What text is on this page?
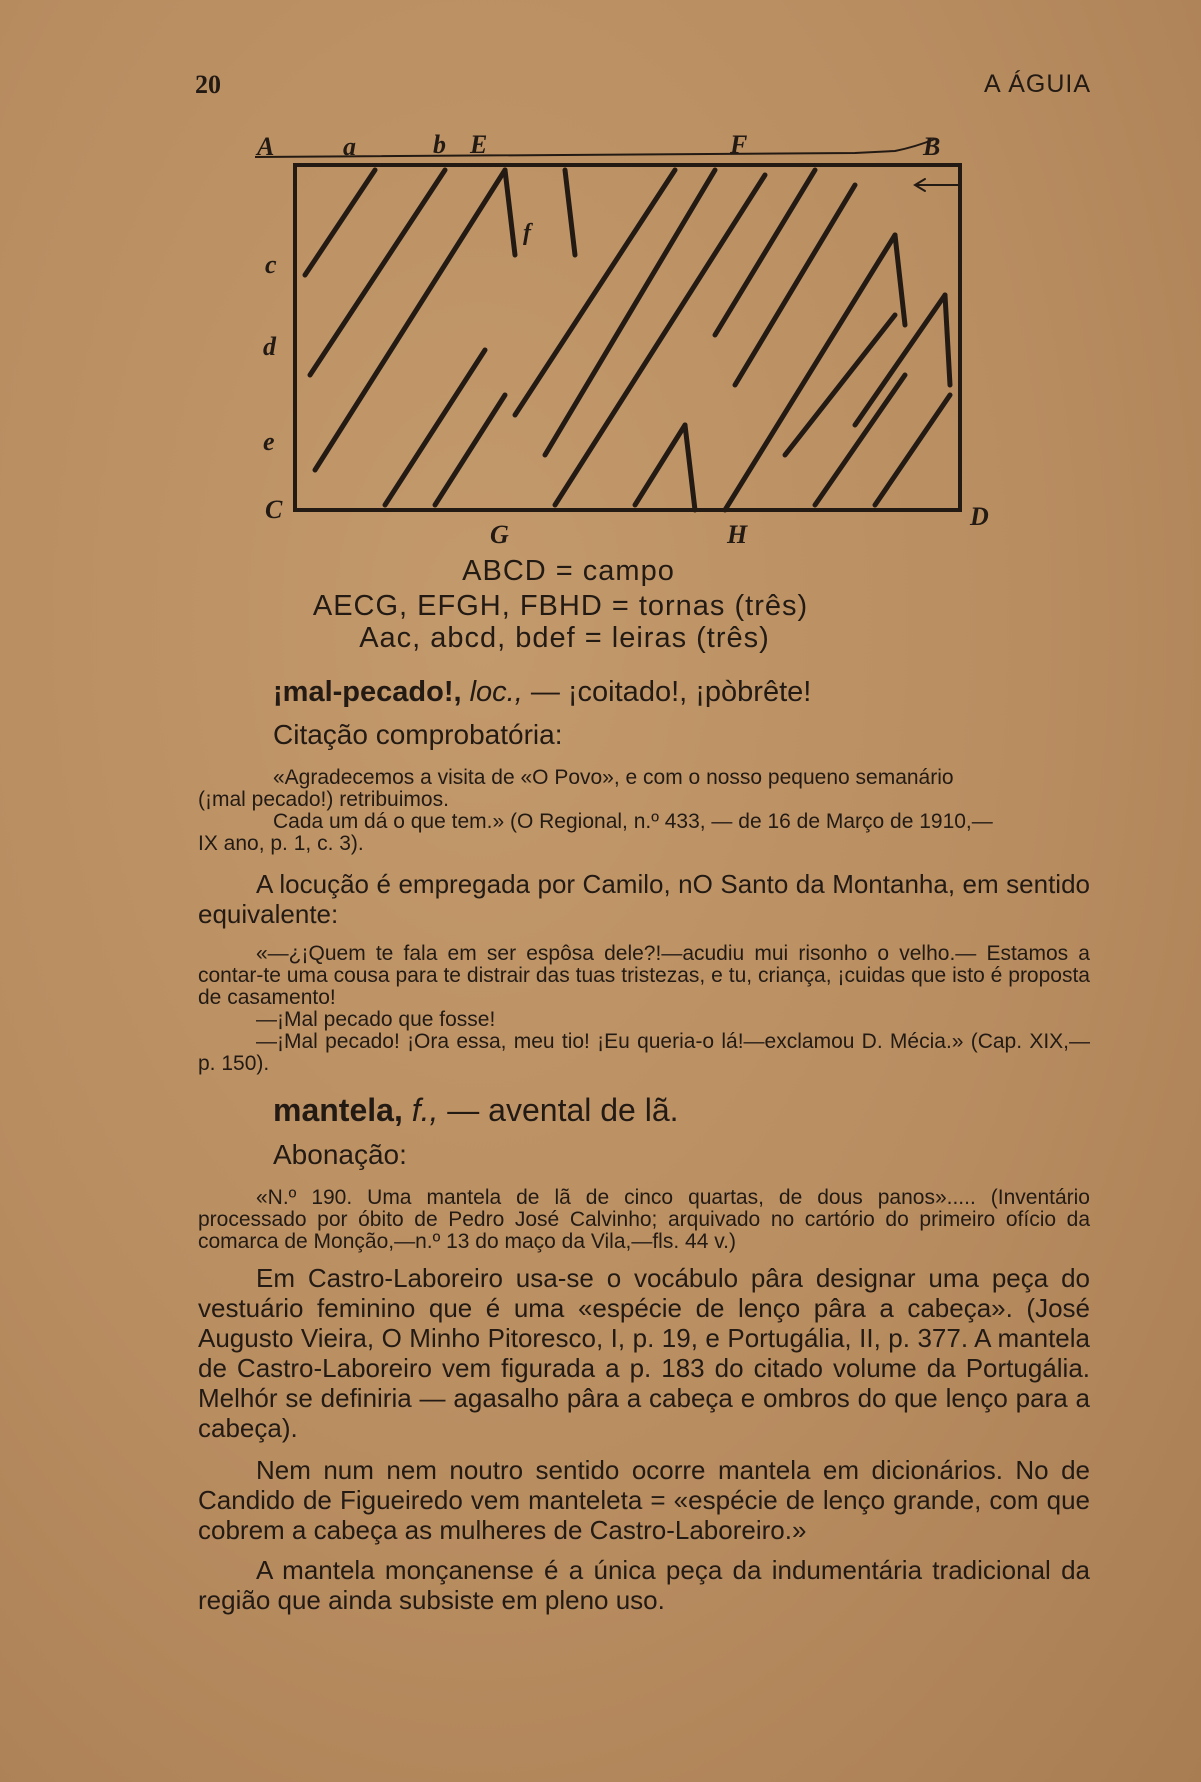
20	A ÁGUIA
A	a	b E	F	B
c
d
e
C
G	H
D
f
ABCD = campo
AECG, EFGH, FBHD = tornas (três)
Aac, abcd, bdef = leiras (três)
¡mal-pecado!, loc., — ¡coitado!, ¡pòbrête!
Citação comprobatória:
«Agradecemos a visita de «O Povo», e com o nosso pequeno semanário
(¡mal pecado!) retribuimos.
Cada um dá o que tem.» (O Regional, n.º 433, — de 16 de Março de 1910,—
IX ano, p. 1, c. 3).

A locução é empregada por Camilo, nO Santo da Montanha, em sentido equivalente:

«—¿¡Quem te fala em ser espôsa dele?!—acudiu mui risonho o velho.— Estamos a contar-te uma cousa para te distrair das tuas tristezas, e tu, criança, ¡cuidas que isto é proposta de casamento!

—¡Mal pecado que fosse!

—¡Mal pecado! ¡Ora essa, meu tio! ¡Eu queria-o lá!—exclamou D. Mécia.» (Cap. XIX,—p. 150).

mantela, f., — avental de lã.
Abonação:

«N.º 190. Uma mantela de lã de cinco quartas, de dous panos»..... (Inventário processado por óbito de Pedro José Calvinho; arquivado no cartório do primeiro ofício da comarca de Monção,—n.º 13 do maço da Vila,—fls. 44 v.)

Em Castro-Laboreiro usa-se o vocábulo pâra designar uma peça do vestuário feminino que é uma «espécie de lenço pâra a cabeça». (José Augusto Vieira, O Minho Pitoresco, I, p. 19, e Portugália, II, p. 377. A mantela de Castro-Laboreiro vem figurada a p. 183 do citado volume da Portugália. Melhór se definiria — agasalho pâra a cabeça e ombros do que lenço para a cabeça).

Nem num nem noutro sentido ocorre mantela em dicionários. No de Candido de Figueiredo vem manteleta = «espécie de lenço grande, com que cobrem a cabeça as mulheres de Castro-Laboreiro.»

A mantela monçanense é a única peça da indumentária tradicional da região que ainda subsiste em pleno uso.
